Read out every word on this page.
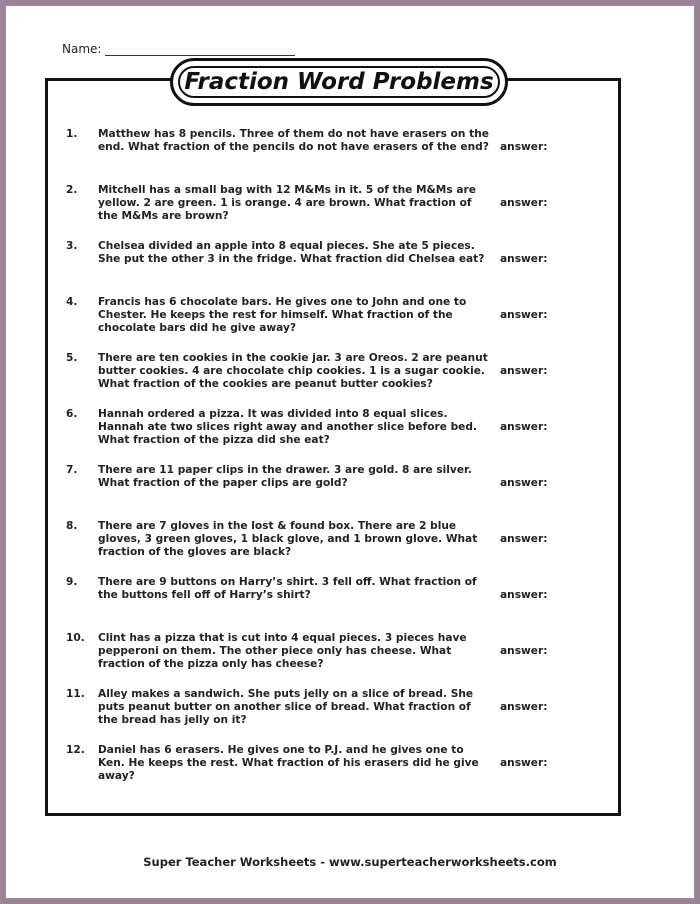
Name:
Fraction Word Problems
1.	Matthew has 8 pencils. Three of them do not have erasers on the end. What fraction of the pencils do not have erasers of the end? answer:
2.	Mitchell has a small bag with 12 M&Ms in it. 5 of the M&Ms are yellow. 2 are green. 1 is orange. 4 are brown. What fraction of the M&Ms are brown?
answer:
3.	Chelsea divided an apple into 8 equal pieces. She ate 5 pieces. She put the other 3 in the fridge. What fraction did Chelsea eat?	answer:
4.	Francis has 6 chocolate bars. He gives one to John and one to Chester. He keeps the rest for himself. What fraction of the chocolate bars did he give away?
answer:
5.	There are ten cookies in the cookie jar. 3 are Oreos. 2 are peanut butter cookies. 4 are chocolate chip cookies. 1 is a sugar cookie. What fraction of the cookies are peanut butter cookies?
answer:
6.	Hannah ordered a pizza. It was divided into 8 equal slices. Hannah ate two slices right away and another slice before bed. What fraction of the pizza did she eat?
answer:
7.	There are 11 paper clips in the drawer. 3 are gold. 8 are silver. What fraction of the paper clips are gold?	answer:
8.	There are 7 gloves in the lost & found box. There are 2 blue gloves, 3 green gloves, 1 black glove, and 1 brown glove. What fraction of the gloves are black?
answer:
9.	There are 9 buttons on Harry’s shirt. 3 fell off. What fraction of the buttons fell off of Harry’s shirt?	answer:
10.	Clint has a pizza that is cut into 4 equal pieces. 3 pieces have pepperoni on them. The other piece only has cheese. What fraction of the pizza only has cheese?
answer:
11.	Alley makes a sandwich. She puts jelly on a slice of bread. She puts peanut butter on another slice of bread. What fraction of the bread has jelly on it?
answer:
12.	Daniel has 6 erasers. He gives one to P.J. and he gives one to Ken. He keeps the rest. What fraction of his erasers did he give away?
answer:
Super Teacher Worksheets - www.superteacherworksheets.com
